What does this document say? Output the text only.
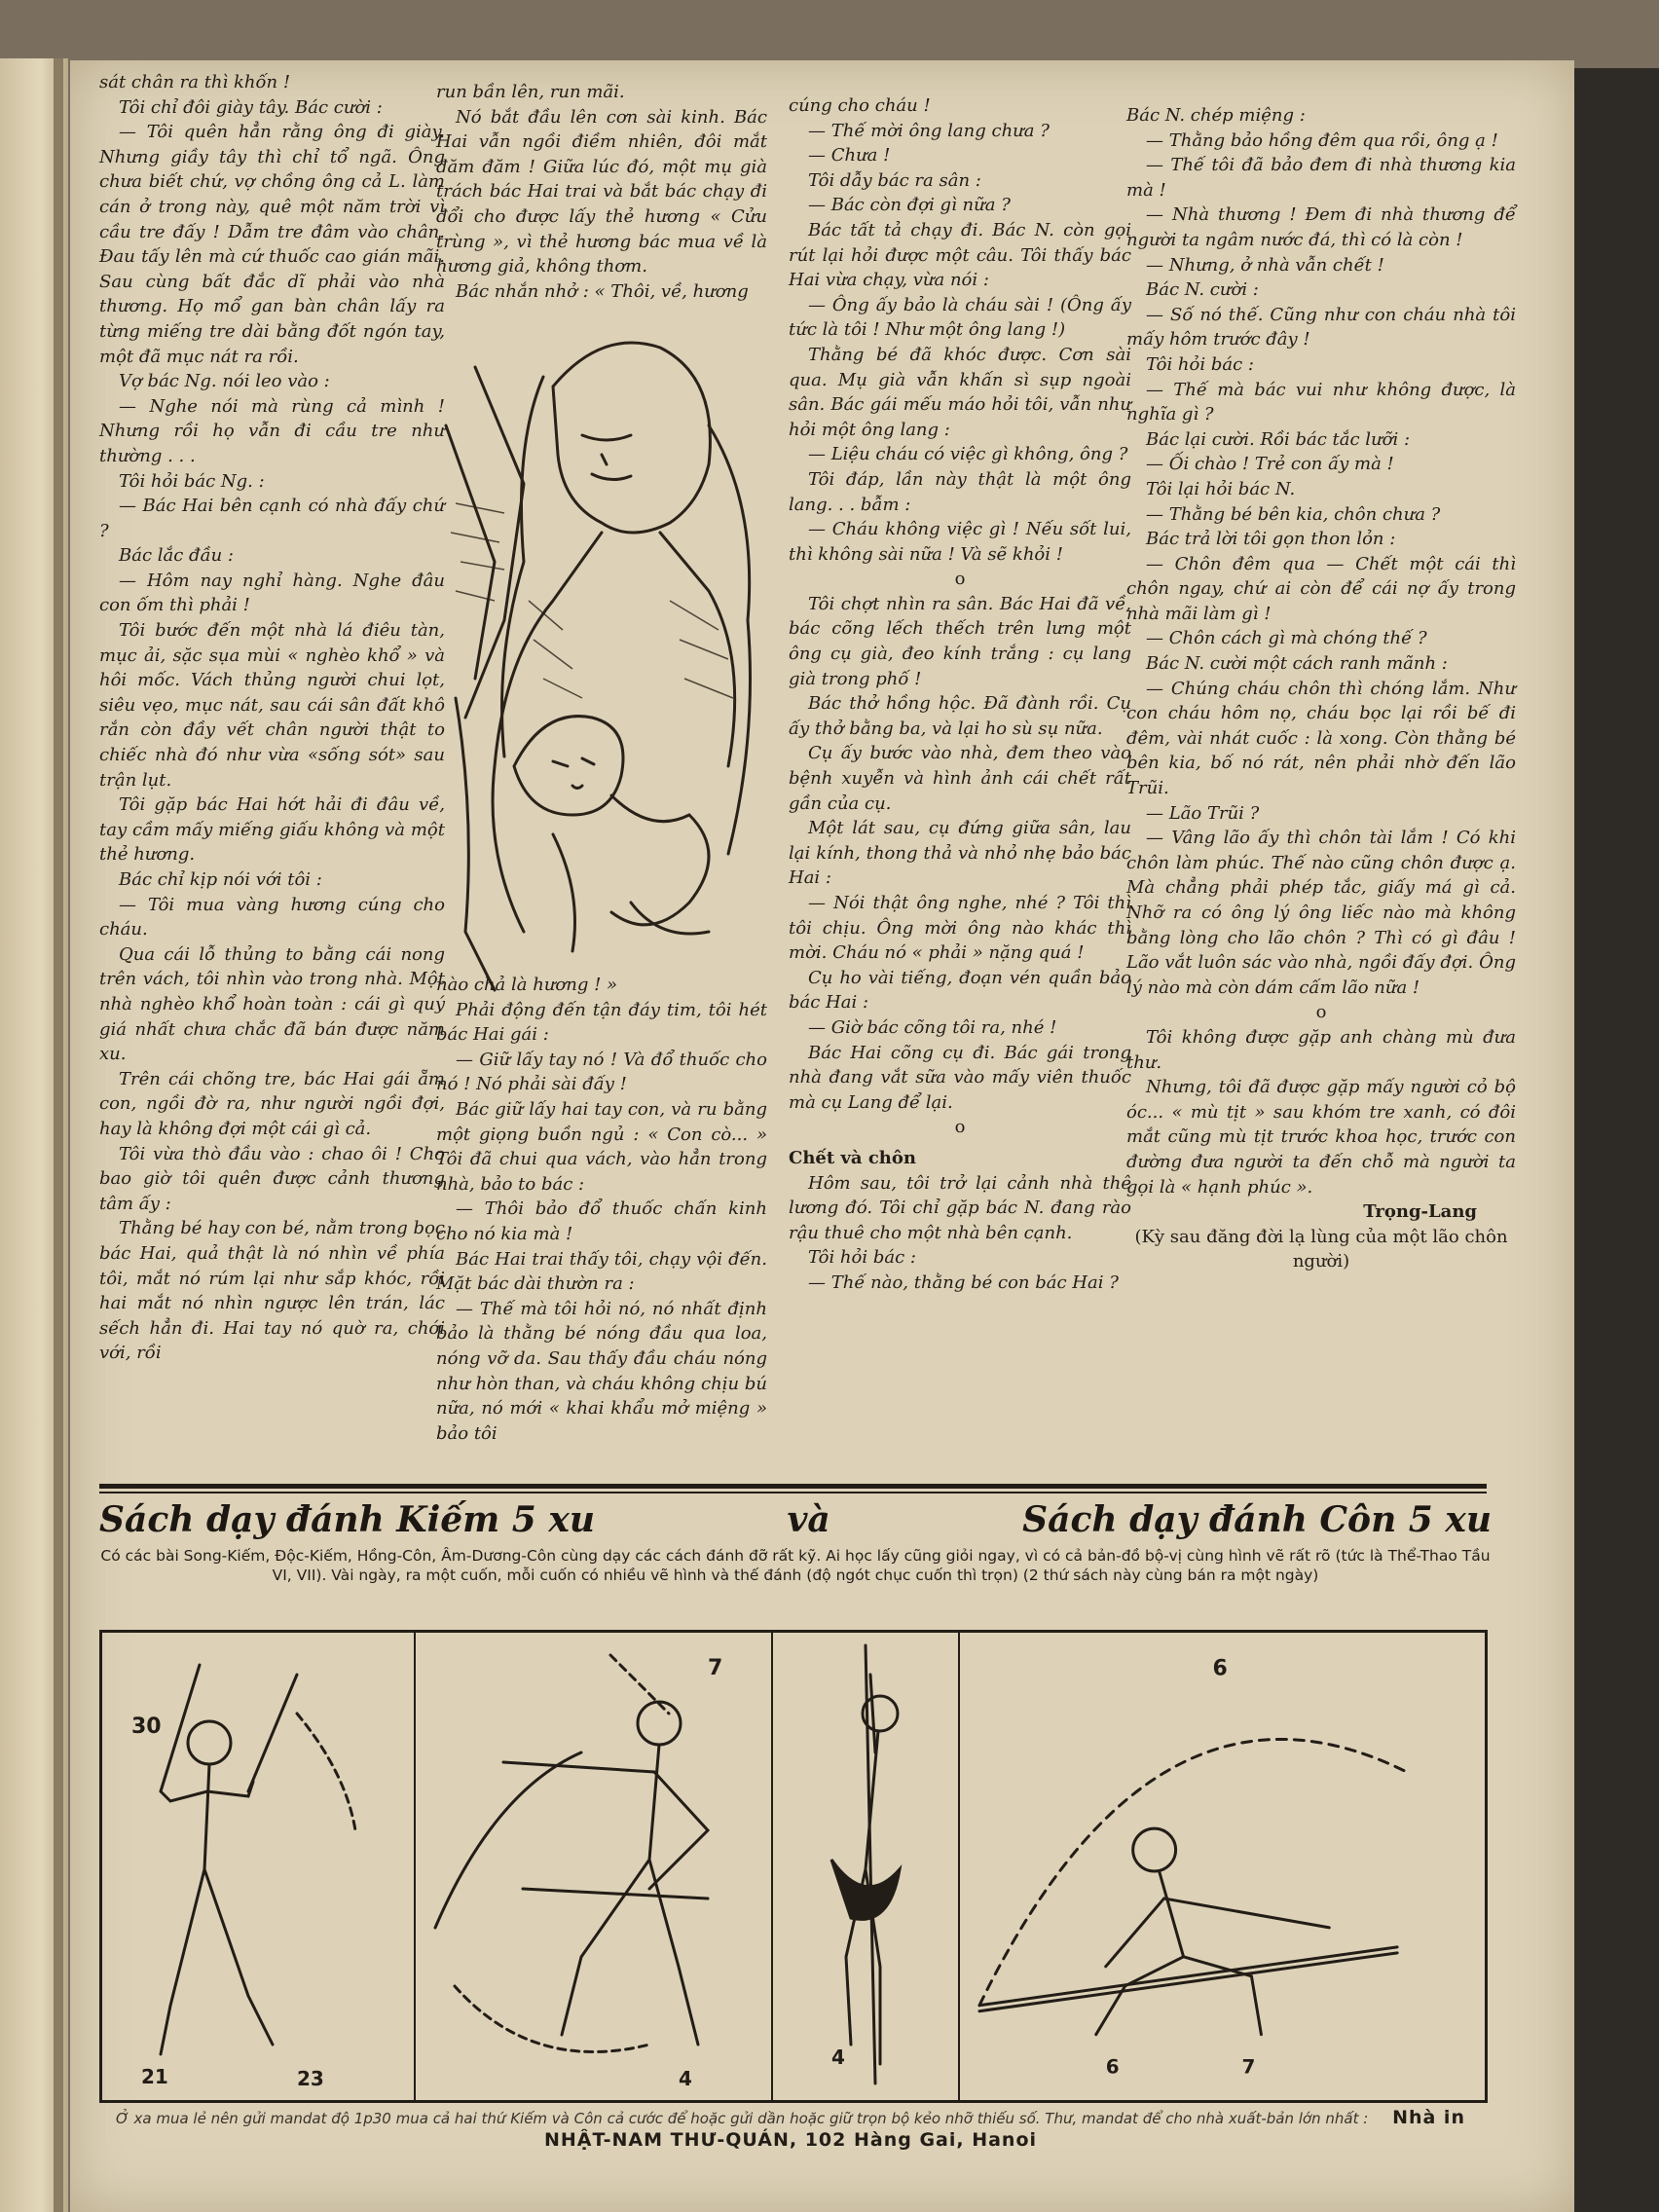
sát chân ra thì khốn !

Tôi chỉ đôi giày tây. Bác cười :

— Tôi quên hẳn rằng ông đi giày. Nhưng giầy tây thì chỉ tổ ngã. Ông chưa biết chứ, vợ chồng ông cả L. làm cán ở trong này, quê một năm trời vì cầu tre đấy ! Dẫm tre đâm vào chân. Đau tấy lên mà cứ thuốc cao gián mãi. Sau cùng bất đắc dĩ phải vào nhà thương. Họ mổ gan bàn chân lấy ra từng miếng tre dài bằng đốt ngón tay, một đã mục nát ra rồi.

Vợ bác Ng. nói leo vào :

— Nghe nói mà rùng cả mình ! Nhưng rồi họ vẫn đi cầu tre như thường . . .

Tôi hỏi bác Ng. :

— Bác Hai bên cạnh có nhà đấy chứ ?

Bác lắc đầu :

— Hôm nay nghỉ hàng. Nghe đâu con ốm thì phải !

Tôi bước đến một nhà lá điêu tàn, mục ải, sặc sụa mùi « nghèo khổ » và hôi mốc. Vách thủng người chui lọt, siêu vẹo, mục nát, sau cái sân đất khô rắn còn đầy vết chân người thật to chiếc nhà đó như vừa «sống sót» sau trận lụt.

Tôi gặp bác Hai hớt hải đi đâu về, tay cầm mấy miếng giấu không và một thẻ hương.

Bác chỉ kịp nói với tôi :

— Tôi mua vàng hương cúng cho cháu.

Qua cái lỗ thủng to bằng cái nong trên vách, tôi nhìn vào trong nhà. Một nhà nghèo khổ hoàn toàn : cái gì quý giá nhất chưa chắc đã bán được năm xu.

Trên cái chõng tre, bác Hai gái ẵm con, ngồi đờ ra, như người ngồi đợi, hay là không đợi một cái gì cả.

Tôi vừa thò đầu vào : chao ôi ! Cho bao giờ tôi quên được cảnh thương tâm ấy :

Thằng bé hay con bé, nằm trong bọc bác Hai, quả thật là nó nhìn về phía tôi, mắt nó rúm lại như sắp khóc, rồi hai mắt nó nhìn ngược lên trán, lác sếch hẳn đi. Hai tay nó quờ ra, chới với, rồi

run bần lên, run mãi.

Nó bắt đầu lên cơn sài kinh. Bác Hai vẫn ngồi điềm nhiên, đôi mắt đăm đăm ! Giữa lúc đó, một mụ già trách bác Hai trai và bắt bác chạy đi đổi cho được lấy thẻ hương « Cửu trùng », vì thẻ hương bác mua về là hương giả, không thơm.

Bác nhắn nhở : « Thôi, về, hương

nào chả là hương ! »

Phải động đến tận đáy tim, tôi hét bác Hai gái :

— Giữ lấy tay nó ! Và đổ thuốc cho nó ! Nó phải sài đấy !

Bác giữ lấy hai tay con, và ru bằng một giọng buồn ngủ : « Con cò... » Tôi đã chui qua vách, vào hẳn trong nhà, bảo to bác :

— Thôi bảo đổ thuốc chấn kinh cho nó kia mà !

Bác Hai trai thấy tôi, chạy vội đến. Mặt bác dài thườn ra :

— Thế mà tôi hỏi nó, nó nhất định bảo là thằng bé nóng đầu qua loa, nóng vỡ da. Sau thấy đầu cháu nóng như hòn than, và cháu không chịu bú nữa, nó mới « khai khẩu mở miệng » bảo tôi

cúng cho cháu !

— Thế mời ông lang chưa ?

— Chưa !

Tôi dẫy bác ra sân :

— Bác còn đợi gì nữa ?

Bác tất tả chạy đi. Bác N. còn gọi rút lại hỏi được một câu. Tôi thấy bác Hai vừa chạy, vừa nói :

— Ông ấy bảo là cháu sài ! (Ông ấy tức là tôi ! Như một ông lang !)

Thằng bé đã khóc được. Cơn sài qua. Mụ già vẫn khấn sì sụp ngoài sân. Bác gái mếu máo hỏi tôi, vẫn như hỏi một ông lang :

— Liệu cháu có việc gì không, ông ?

Tôi đáp, lần này thật là một ông lang. . . bẫm :

— Cháu không việc gì ! Nếu sốt lui, thì không sài nữa ! Và sẽ khỏi !

o

Tôi chợt nhìn ra sân. Bác Hai đã về, bác cõng lếch thếch trên lưng một ông cụ già, đeo kính trắng : cụ lang già trong phố !

Bác thở hồng hộc. Đã đành rồi. Cụ ấy thở bằng ba, và lại ho sù sụ nữa.

Cụ ấy bước vào nhà, đem theo vào bệnh xuyễn và hình ảnh cái chết rất gần của cụ.

Một lát sau, cụ đứng giữa sân, lau lại kính, thong thả và nhỏ nhẹ bảo bác Hai :

— Nói thật ông nghe, nhé ? Tôi thì tôi chịu. Ông mời ông nào khác thì mời. Cháu nó « phải » nặng quá !

Cụ ho vài tiếng, đoạn vén quần bảo bác Hai :

— Giờ bác cõng tôi ra, nhé !

Bác Hai cõng cụ đi. Bác gái trong nhà đang vắt sữa vào mấy viên thuốc mà cụ Lang để lại.

o

Chết và chôn

Hôm sau, tôi trở lại cảnh nhà thê lương đó. Tôi chỉ gặp bác N. đang rào rậu thuê cho một nhà bên cạnh.

Tôi hỏi bác :

— Thế nào, thằng bé con bác Hai ?

Bác N. chép miệng :

— Thằng bảo hồng đêm qua rồi, ông ạ !

— Thế tôi đã bảo đem đi nhà thương kia mà !

— Nhà thương ! Đem đi nhà thương để người ta ngâm nước đá, thì có là còn !

— Nhưng, ở nhà vẫn chết !

Bác N. cười :

— Số nó thế. Cũng như con cháu nhà tôi mấy hôm trước đây !

Tôi hỏi bác :

— Thế mà bác vui như không được, là nghĩa gì ?

Bác lại cười. Rồi bác tắc lưỡi :

— Ối chào ! Trẻ con ấy mà !

Tôi lại hỏi bác N.

— Thằng bé bên kia, chôn chưa ?

Bác trả lời tôi gọn thon lỏn :

— Chôn đêm qua — Chết một cái thì chôn ngay, chứ ai còn để cái nợ ấy trong nhà mãi làm gì !

— Chôn cách gì mà chóng thế ?

Bác N. cười một cách ranh mãnh :

— Chúng cháu chôn thì chóng lắm. Như con cháu hôm nọ, cháu bọc lại rồi bế đi đêm, vài nhát cuốc : là xong. Còn thằng bé bên kia, bố nó rát, nên phải nhờ đến lão Trũi.

— Lão Trũi ?

— Vâng lão ấy thì chôn tài lắm ! Có khi chôn làm phúc. Thế nào cũng chôn được ạ. Mà chẳng phải phép tắc, giấy má gì cả. Nhỡ ra có ông lý ông liếc nào mà không bằng lòng cho lão chôn ? Thì có gì đâu ! Lão vắt luôn sác vào nhà, ngồi đấy đợi. Ông lý nào mà còn dám cấm lão nữa !

o

Tôi không được gặp anh chàng mù đưa thư.

Nhưng, tôi đã được gặp mấy người cỏ bộ óc... « mù tịt » sau khóm tre xanh, có đôi mắt cũng mù tịt trước khoa học, trước con đường đưa người ta đến chỗ mà người ta gọi là « hạnh phúc ».

Trọng-Lang

(Kỳ sau đăng đời lạ lùng của một lão chôn người)

Sách dạy đánh Kiếm 5 xu	và	Sách dạy đánh Côn 5 xu
Có các bài Song-Kiếm, Độc-Kiếm, Hồng-Côn, Âm-Dương-Côn cùng dạy các cách đánh đỡ rất kỹ. Ai học lấy cũng giỏi ngay, vì có cả bản-đồ bộ-vị cùng hình vẽ rất rõ (tức là Thể-Thao Tầu VI, VII). Vài ngày, ra một cuốn, mỗi cuốn có nhiều vẽ hình và thế đánh (độ ngót chục cuốn thì trọn) (2 thứ sách này cùng bán ra một ngày)
30
21	23
7
4
4
6
6	7
Ở xa mua lẻ nên gửi mandat độ 1p30 mua cả hai thứ Kiếm và Côn cả cước để hoặc gửi dần hoặc giữ trọn bộ kẻo nhỡ thiếu số. Thư, mandat để cho nhà xuất-bản lớn nhất : Nhà in NHẬT-NAM THƯ-QUÁN, 102 Hàng Gai, Hanoi
